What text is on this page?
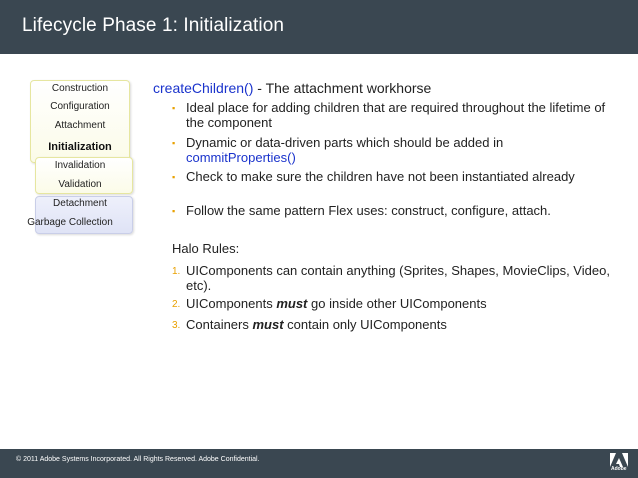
Lifecycle Phase 1: Initialization
Construction
Configuration
Attachment
Initialization
Invalidation
Validation
Detachment
Garbage Collection
createChildren() - The attachment workhorse
▪ Ideal place for adding children that are required throughout the lifetime of the component
▪ Dynamic or data-driven parts which should be added in commitProperties()
▪ Check to make sure the children have not been instantiated already
▪ Follow the same pattern Flex uses: construct, configure, attach.
Halo Rules:
1. UIComponents can contain anything (Sprites, Shapes, MovieClips, Video, etc).
2. UIComponents must go inside other UIComponents
3. Containers must contain only UIComponents
© 2011 Adobe Systems Incorporated. All Rights Reserved. Adobe Confidential.
Adobe
